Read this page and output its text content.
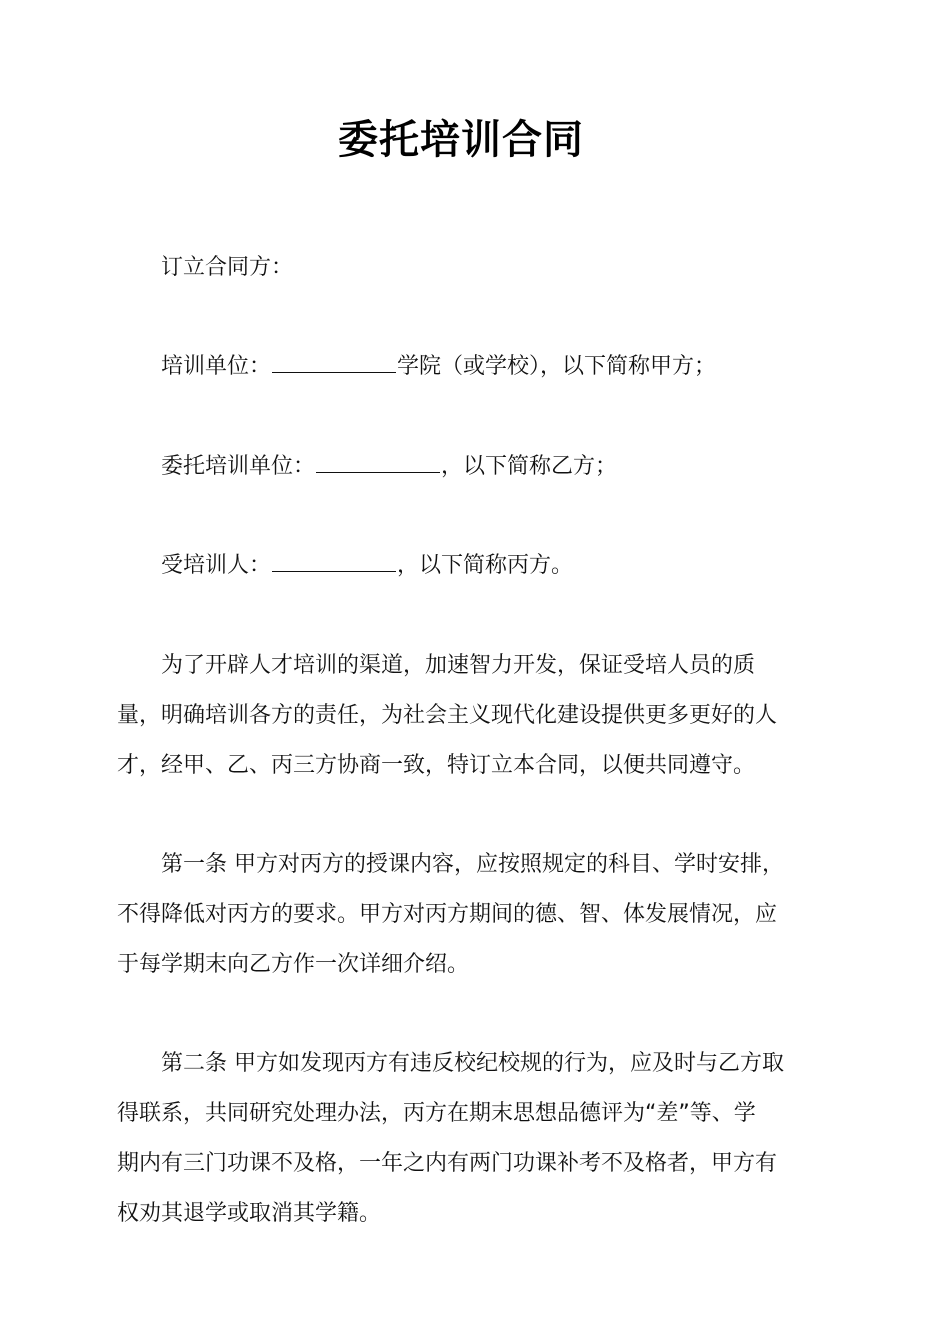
委托培训合同
订立合同方：
培训单位：	学院（或学校），以下简称甲方；
委托培训单位：	，以下简称乙方；
受培训人：	，以下简称丙方。
为了开辟人才培训的渠道，加速智力开发，保证受培人员的质
量，明确培训各方的责任，为社会主义现代化建设提供更多更好的人
才，经甲、乙、丙三方协商一致，特订立本合同，以便共同遵守。
第一条 甲方对丙方的授课内容，应按照规定的科目、学时安排，
不得降低对丙方的要求。甲方对丙方期间的德、智、体发展情况，应
于每学期末向乙方作一次详细介绍。
第二条 甲方如发现丙方有违反校纪校规的行为，应及时与乙方取
得联系，共同研究处理办法，丙方在期末思想品德评为“差”等、学
期内有三门功课不及格，一年之内有两门功课补考不及格者，甲方有
权劝其退学或取消其学籍。
